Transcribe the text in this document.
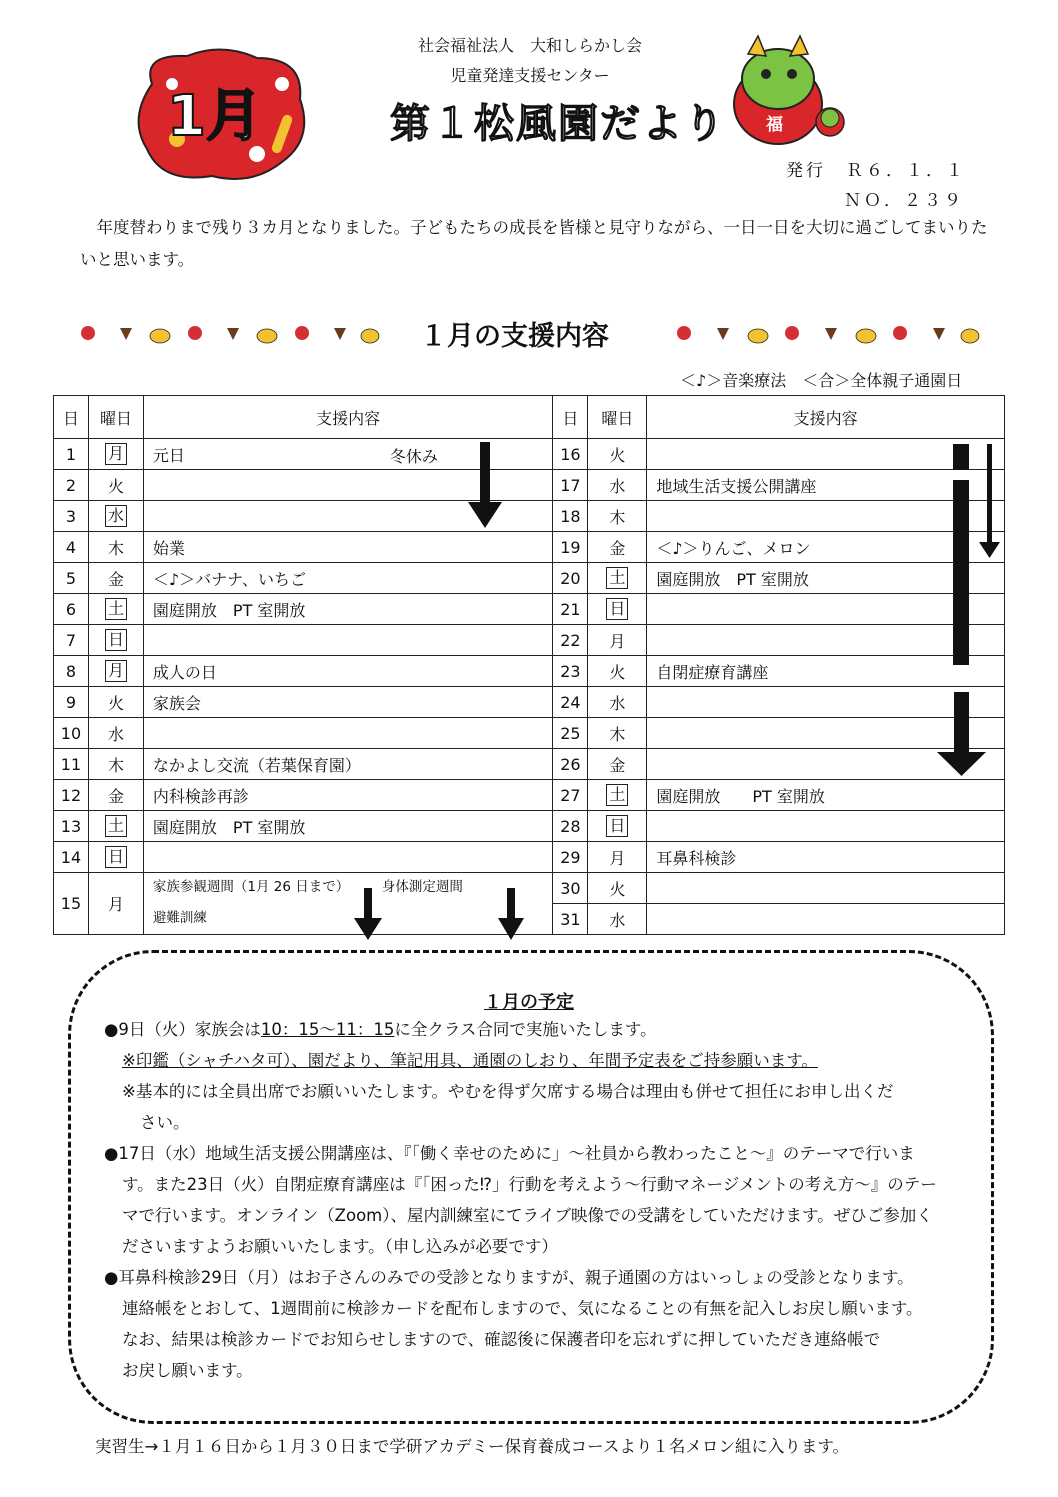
1月
社会福祉法人　大和しらかし会
児童発達支援センター
第１松風園だより 福
発行　Ｒ６．１．１
ＮＯ．２３９
年度替わりまで残り３カ月となりました。子どもたちの成長を皆様と見守りながら、一日一日を大切に過ごしてまいりたいと思います。
１月の支援内容
＜♪＞音楽療法　＜合＞全体親子通園日
日	曜日	支援内容	日	曜日	支援内容
1	月	元日 冬休み	16	火	
2	火		17	水	地域生活支援公開講座
3	水		18	木	
4	木	始業	19	金	＜♪＞りんご、メロン
5	金	＜♪＞バナナ、いちご	20	土	園庭開放　PT 室開放
6	土	園庭開放　PT 室開放	21	日	
7	日		22	月	
8	月	成人の日	23	火	自閉症療育講座
9	火	家族会	24	水	
10	水		25	木	
11	木	なかよし交流（若葉保育園）	26	金	
12	金	内科検診再診	27	土	園庭開放　　PT 室開放
13	土	園庭開放　PT 室開放	28	日	
14	日		29	月	耳鼻科検診
15	月	家族参観週間（1月 26 日まで） 身体測定週間
避難訓練	30	火	
			31	水	
１月の予定
●9日（火）家族会は10：15～11：15に全クラス合同で実施いたします。
※印鑑（シャチハタ可）、園だより、筆記用具、通園のしおり、年間予定表をご持参願います。
※基本的には全員出席でお願いいたします。やむを得ず欠席する場合は理由も併せて担任にお申し出くだ
さい。
●17日（水）地域生活支援公開講座は、『「働く幸せのために」～社員から教わったこと～』のテーマで行いま
す。また23日（火）自閉症療育講座は『「困った⁉」行動を考えよう～行動マネージメントの考え方～』のテー
マで行います。オンライン（Zoom）、屋内訓練室にてライブ映像での受講をしていただけます。ぜひご参加く
ださいますようお願いいたします。（申し込みが必要です）
●耳鼻科検診29日（月）はお子さんのみでの受診となりますが、親子通園の方はいっしょの受診となります。
連絡帳をとおして、1週間前に検診カードを配布しますので、気になることの有無を記入しお戻し願います。
なお、結果は検診カードでお知らせしますので、確認後に保護者印を忘れずに押していただき連絡帳で
お戻し願います。
実習生→１月１６日から１月３０日まで学研アカデミー保育養成コースより１名メロン組に入ります。
